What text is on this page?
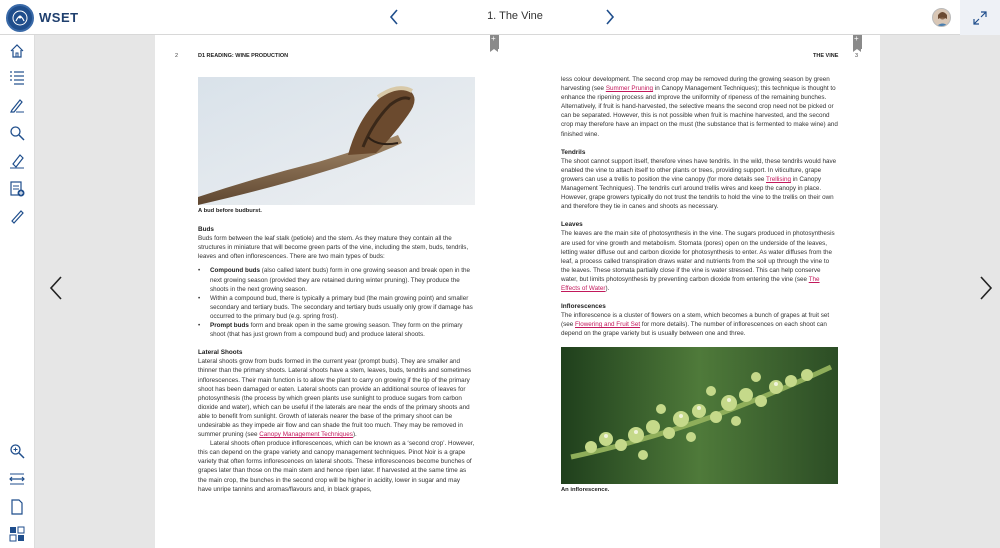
WSET	1. The Vine
+
2	D1 READING: WINE PRODUCTION

A bud before budburst.

Buds

Buds form between the leaf stalk (petiole) and the stem. As they mature they contain all the structures in miniature that will become green parts of the vine, including the stem, buds, tendrils, leaves and often inflorescences. There are two main types of buds:

• Compound buds (also called latent buds) form in one growing season and break open in the next growing season (provided they are retained during winter pruning). They produce the shoots in the next growing season.
• Within a compound bud, there is typically a primary bud (the main growing point) and smaller secondary and tertiary buds. The secondary and tertiary buds usually only grow if damage has occurred to the primary bud (e.g. spring frost).
• Prompt buds form and break open in the same growing season. They form on the primary shoot (that has just grown from a compound bud) and produce lateral shoots.
Lateral Shoots

Lateral shoots grow from buds formed in the current year (prompt buds). They are smaller and thinner than the primary shoots. Lateral shoots have a stem, leaves, buds, tendrils and sometimes inflorescences. Their main function is to allow the plant to carry on growing if the tip of the primary shoot has been damaged or eaten. Lateral shoots can provide an additional source of leaves for photosynthesis (the process by which green plants use sunlight to produce sugars from carbon dioxide and water), which can be useful if the laterals are near the ends of the primary shoots and able to benefit from sunlight. Growth of laterals nearer the base of the primary shoot can be undesirable as they impede air flow and can shade the fruit too much. They may be removed in summer pruning (see Canopy Management Techniques).

Lateral shoots often produce inflorescences, which can be known as a ‘second crop’. However, this can depend on the grape variety and canopy management techniques. Pinot Noir is a grape variety that often forms inflorescences on lateral shoots. These inflorescences become bunches of grapes later than those on the main stem and hence ripen later. If harvested at the same time as the main crop, the bunches in the second crop will be higher in acidity, lower in sugar and may have unripe tannins and aromas/flavours and, in black grapes,

+
THE VINE	3

less colour development. The second crop may be removed during the growing season by green harvesting (see Summer Pruning in Canopy Management Techniques); this technique is thought to enhance the ripening process and improve the uniformity of ripeness of the remaining bunches. Alternatively, if fruit is hand-harvested, the selective means the second crop need not be picked or can be separated. However, this is not possible when fruit is machine harvested, and the second crop may therefore have an impact on the must (the substance that is fermented to make wine) and finished wine.

Tendrils

The shoot cannot support itself, therefore vines have tendrils. In the wild, these tendrils would have enabled the vine to attach itself to other plants or trees, providing support. In viticulture, grape growers can use a trellis to position the vine canopy (for more details see Trellising in Canopy Management Techniques). The tendrils curl around trellis wires and keep the canopy in place. However, grape growers typically do not trust the tendrils to hold the vine to the trellis on their own and therefore they tie in canes and shoots as necessary.

Leaves

The leaves are the main site of photosynthesis in the vine. The sugars produced in photosynthesis are used for vine growth and metabolism. Stomata (pores) open on the underside of the leaves, letting water diffuse out and carbon dioxide for photosynthesis to enter. As water diffuses from the leaf, a process called transpiration draws water and nutrients from the soil up through the vine to the leaves. These stomata partially close if the vine is water stressed. This can help conserve water, but limits photosynthesis by preventing carbon dioxide from entering the vine (see The Effects of Water).

Inflorescences

The inflorescence is a cluster of flowers on a stem, which becomes a bunch of grapes at fruit set (see Flowering and Fruit Set for more details). The number of inflorescences on each shoot can depend on the grape variety but is usually between one and three.

An inflorescence.
